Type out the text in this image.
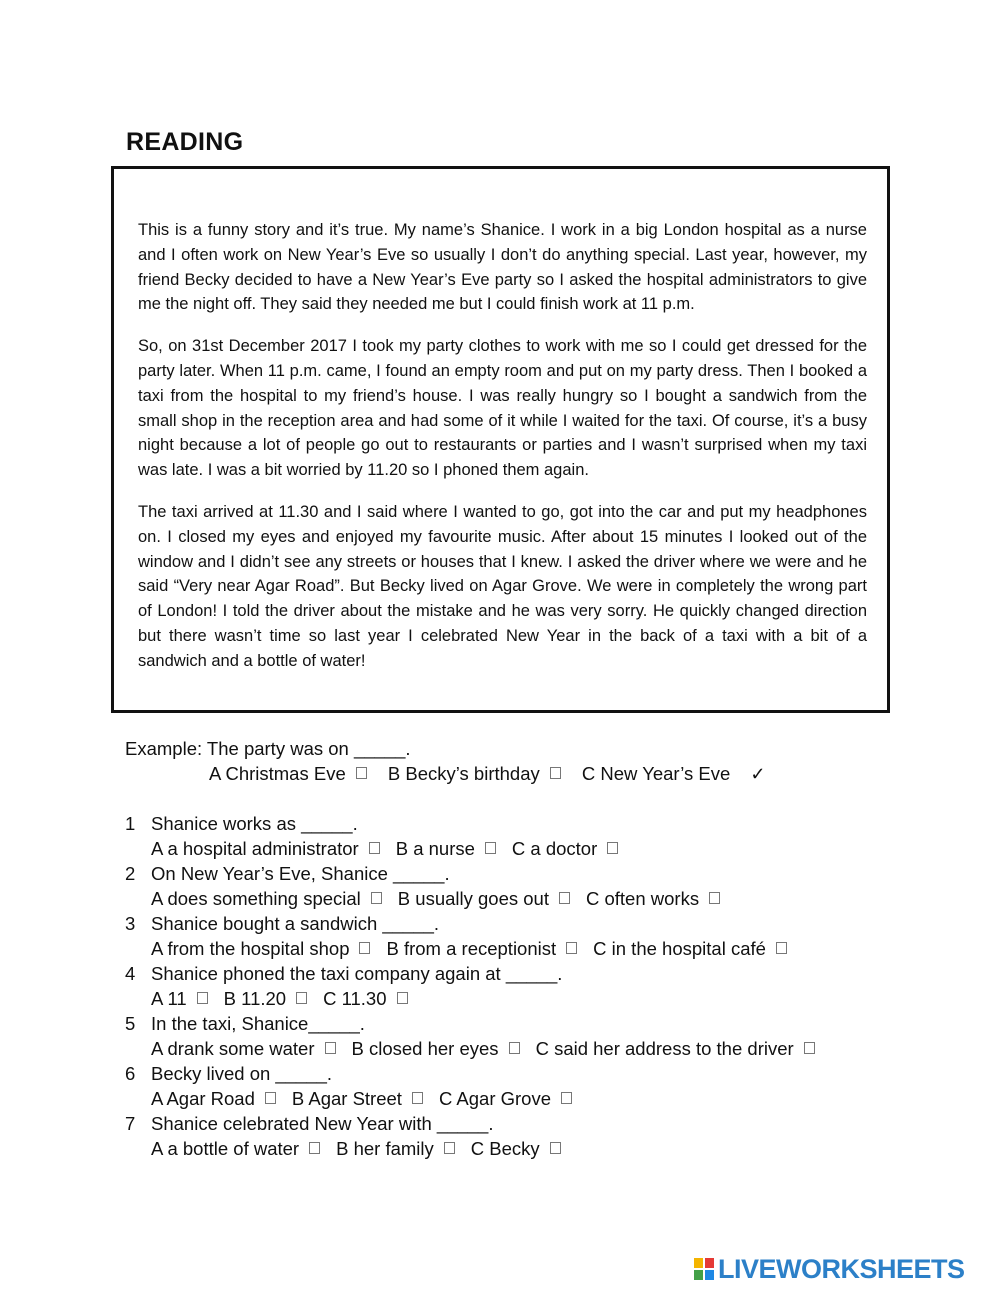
READING

This is a funny story and it’s true. My name’s Shanice. I work in a big London hospital as a nurse and I often work on New Year’s Eve so usually I don’t do anything special. Last year, however, my friend Becky decided to have a New Year’s Eve party so I asked the hospital administrators to give me the night off. They said they needed me but I could finish work at 11 p.m.

So, on 31st December 2017 I took my party clothes to work with me so I could get dressed for the party later. When 11 p.m. came, I found an empty room and put on my party dress. Then I booked a taxi from the hospital to my friend’s house. I was really hungry so I bought a sandwich from the small shop in the reception area and had some of it while I waited for the taxi. Of course, it’s a busy night because a lot of people go out to restaurants or parties and I wasn’t surprised when my taxi was late. I was a bit worried by 11.20 so I phoned them again.

The taxi arrived at 11.30 and I said where I wanted to go, got into the car and put my headphones on. I closed my eyes and enjoyed my favourite music. After about 15 minutes I looked out of the window and I didn’t see any streets or houses that I knew. I asked the driver where we were and he said “Very near Agar Road”. But Becky lived on Agar Grove. We were in completely the wrong part of London! I told the driver about the mistake and he was very sorry. He quickly changed direction but there wasn’t time so last year I celebrated New Year in the back of a taxi with a bit of a sandwich and a bottle of water!

Example: The party was on _____.
A Christmas Eve B Becky’s birthday C New Year’s Eve ✓
1 Shanice works as _____.
A a hospital administrator B a nurse C a doctor
2 On New Year’s Eve, Shanice _____.
A does something special B usually goes out C often works
3 Shanice bought a sandwich _____.
A from the hospital shop B from a receptionist C in the hospital café
4 Shanice phoned the taxi company again at _____.
A 11 B 11.20 C 11.30
5 In the taxi, Shanice_____.
A drank some water B closed her eyes C said her address to the driver
6 Becky lived on _____.
A Agar Road B Agar Street C Agar Grove
7 Shanice celebrated New Year with _____.
A a bottle of water B her family C Becky
LIVEWORKSHEETS
